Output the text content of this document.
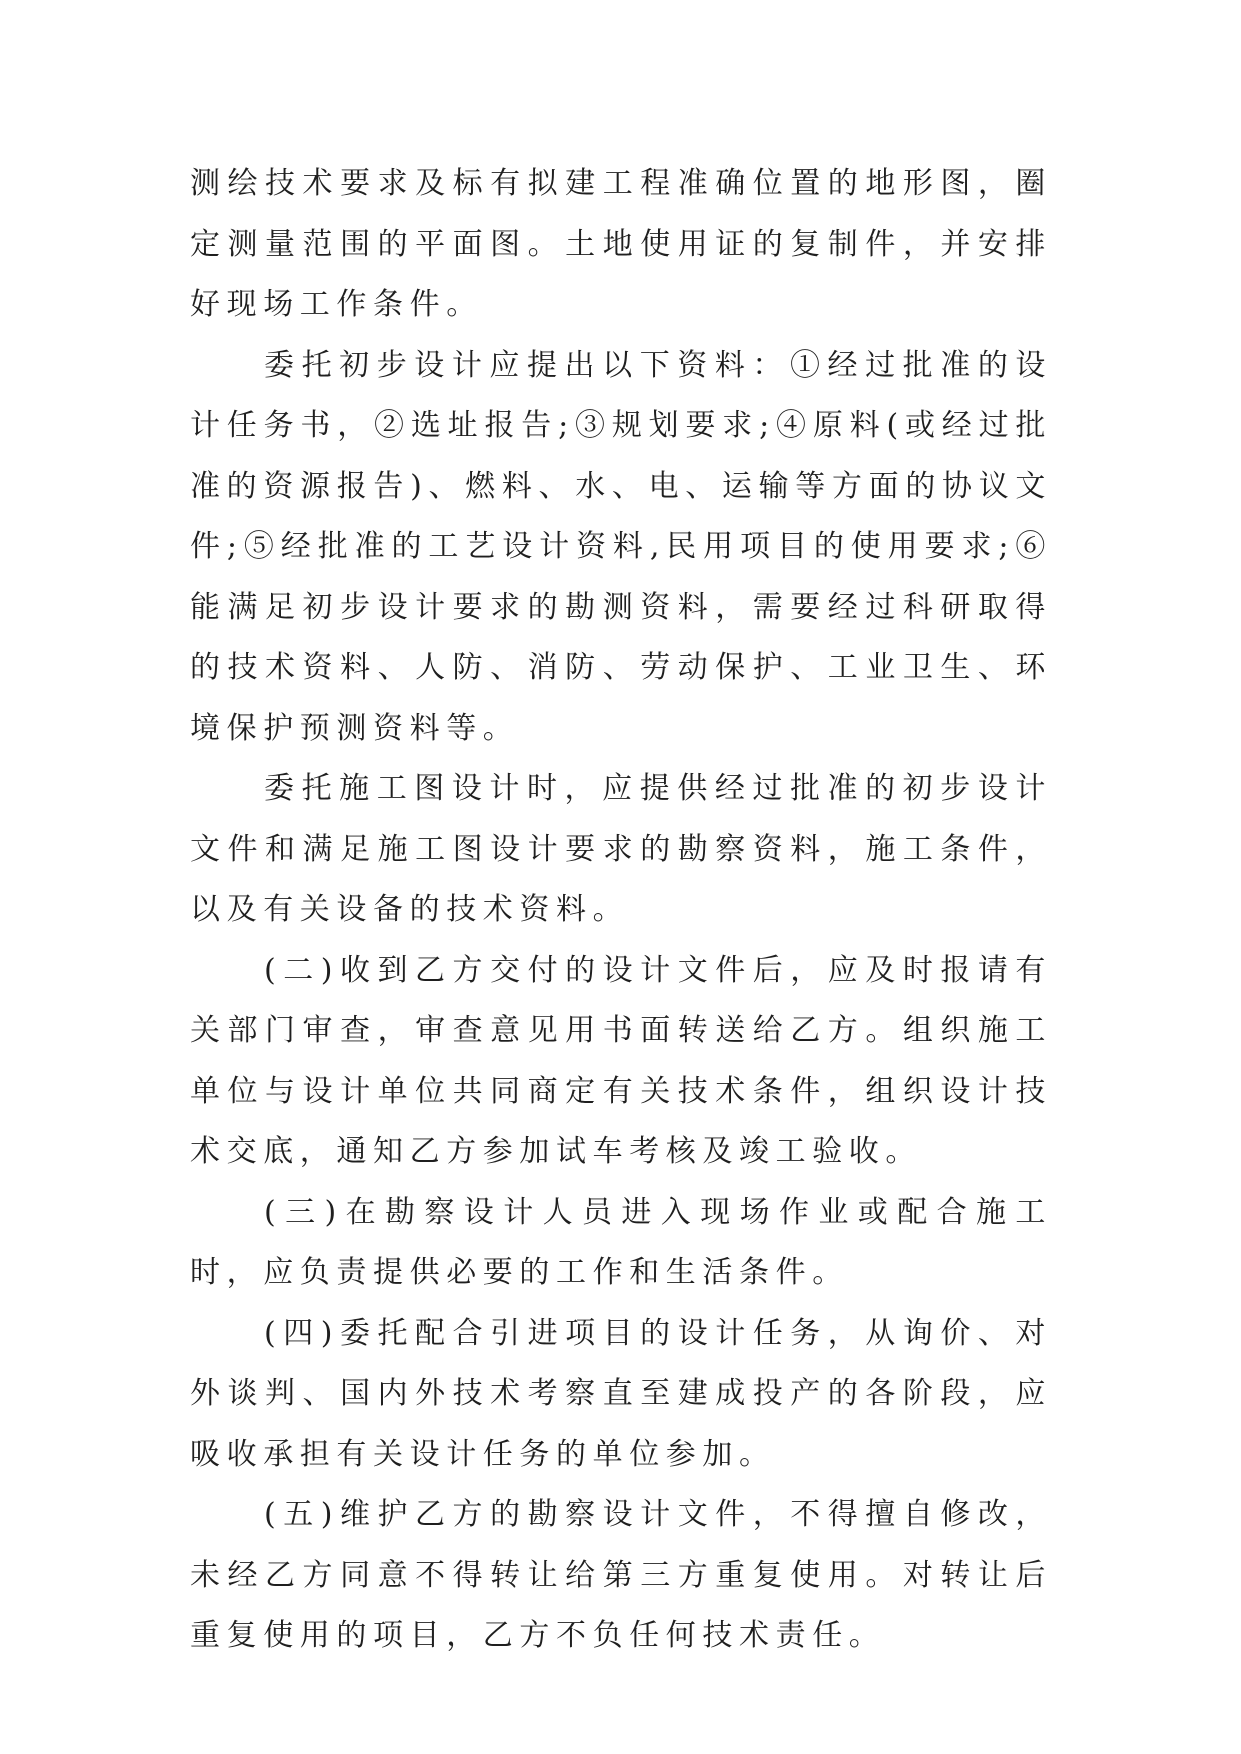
测绘技术要求及标有拟建工程准确位置的地形图，圈定测量范围的平面图。土地使用证的复制件，并安排好现场工作条件。

委托初步设计应提出以下资料：①经过批准的设计任务书，②选址报告;③规划要求;④原料(或经过批准的资源报告)、燃料、水、电、运输等方面的协议文件;⑤经批准的工艺设计资料,民用项目的使用要求;⑥能满足初步设计要求的勘测资料，需要经过科研取得的技术资料、人防、消防、劳动保护、工业卫生、环境保护预测资料等。

委托施工图设计时，应提供经过批准的初步设计文件和满足施工图设计要求的勘察资料，施工条件，以及有关设备的技术资料。

(二)收到乙方交付的设计文件后，应及时报请有关部门审查，审查意见用书面转送给乙方。组织施工单位与设计单位共同商定有关技术条件，组织设计技术交底，通知乙方参加试车考核及竣工验收。

(三)在勘察设计人员进入现场作业或配合施工时，应负责提供必要的工作和生活条件。

(四)委托配合引进项目的设计任务，从询价、对外谈判、国内外技术考察直至建成投产的各阶段，应吸收承担有关设计任务的单位参加。

(五)维护乙方的勘察设计文件，不得擅自修改，未经乙方同意不得转让给第三方重复使用。对转让后重复使用的项目，乙方不负任何技术责任。
